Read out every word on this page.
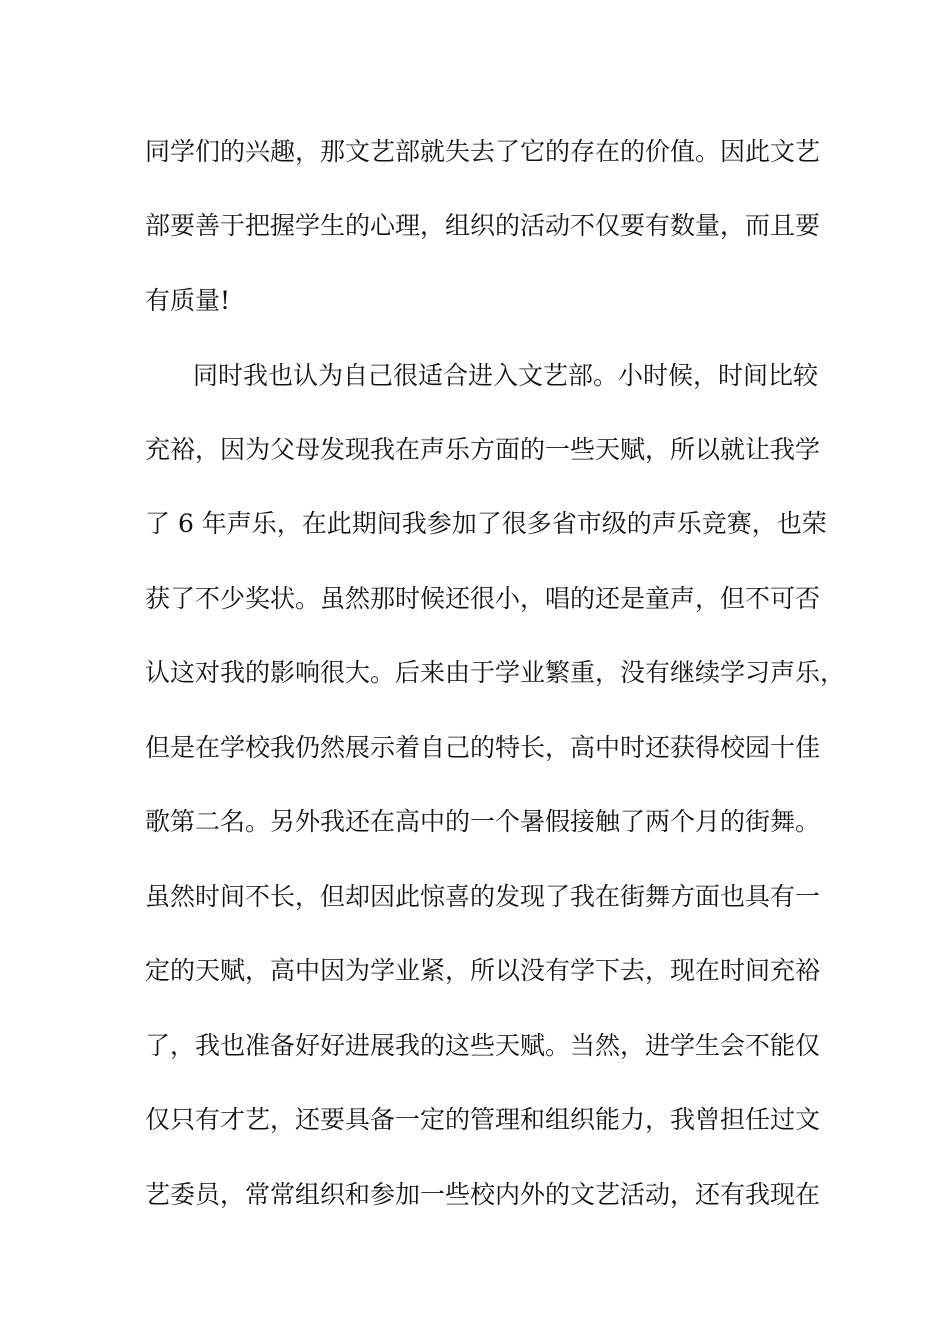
同学们的兴趣，那文艺部就失去了它的存在的价值。因此文艺
部要善于把握学生的心理，组织的活动不仅要有数量，而且要
有质量!
同时我也认为自己很适合进入文艺部。小时候，时间比较
充裕，因为父母发现我在声乐方面的一些天赋，所以就让我学
了 6 年声乐，在此期间我参加了很多省市级的声乐竞赛，也荣
获了不少奖状。虽然那时候还很小，唱的还是童声，但不可否
认这对我的影响很大。后来由于学业繁重，没有继续学习声乐，
但是在学校我仍然展示着自己的特长，高中时还获得校园十佳
歌第二名。另外我还在高中的一个暑假接触了两个月的街舞。
虽然时间不长，但却因此惊喜的发现了我在街舞方面也具有一
定的天赋，高中因为学业紧，所以没有学下去，现在时间充裕
了，我也准备好好进展我的这些天赋。当然，进学生会不能仅
仅只有才艺，还要具备一定的管理和组织能力，我曾担任过文
艺委员，常常组织和参加一些校内外的文艺活动，还有我现在
